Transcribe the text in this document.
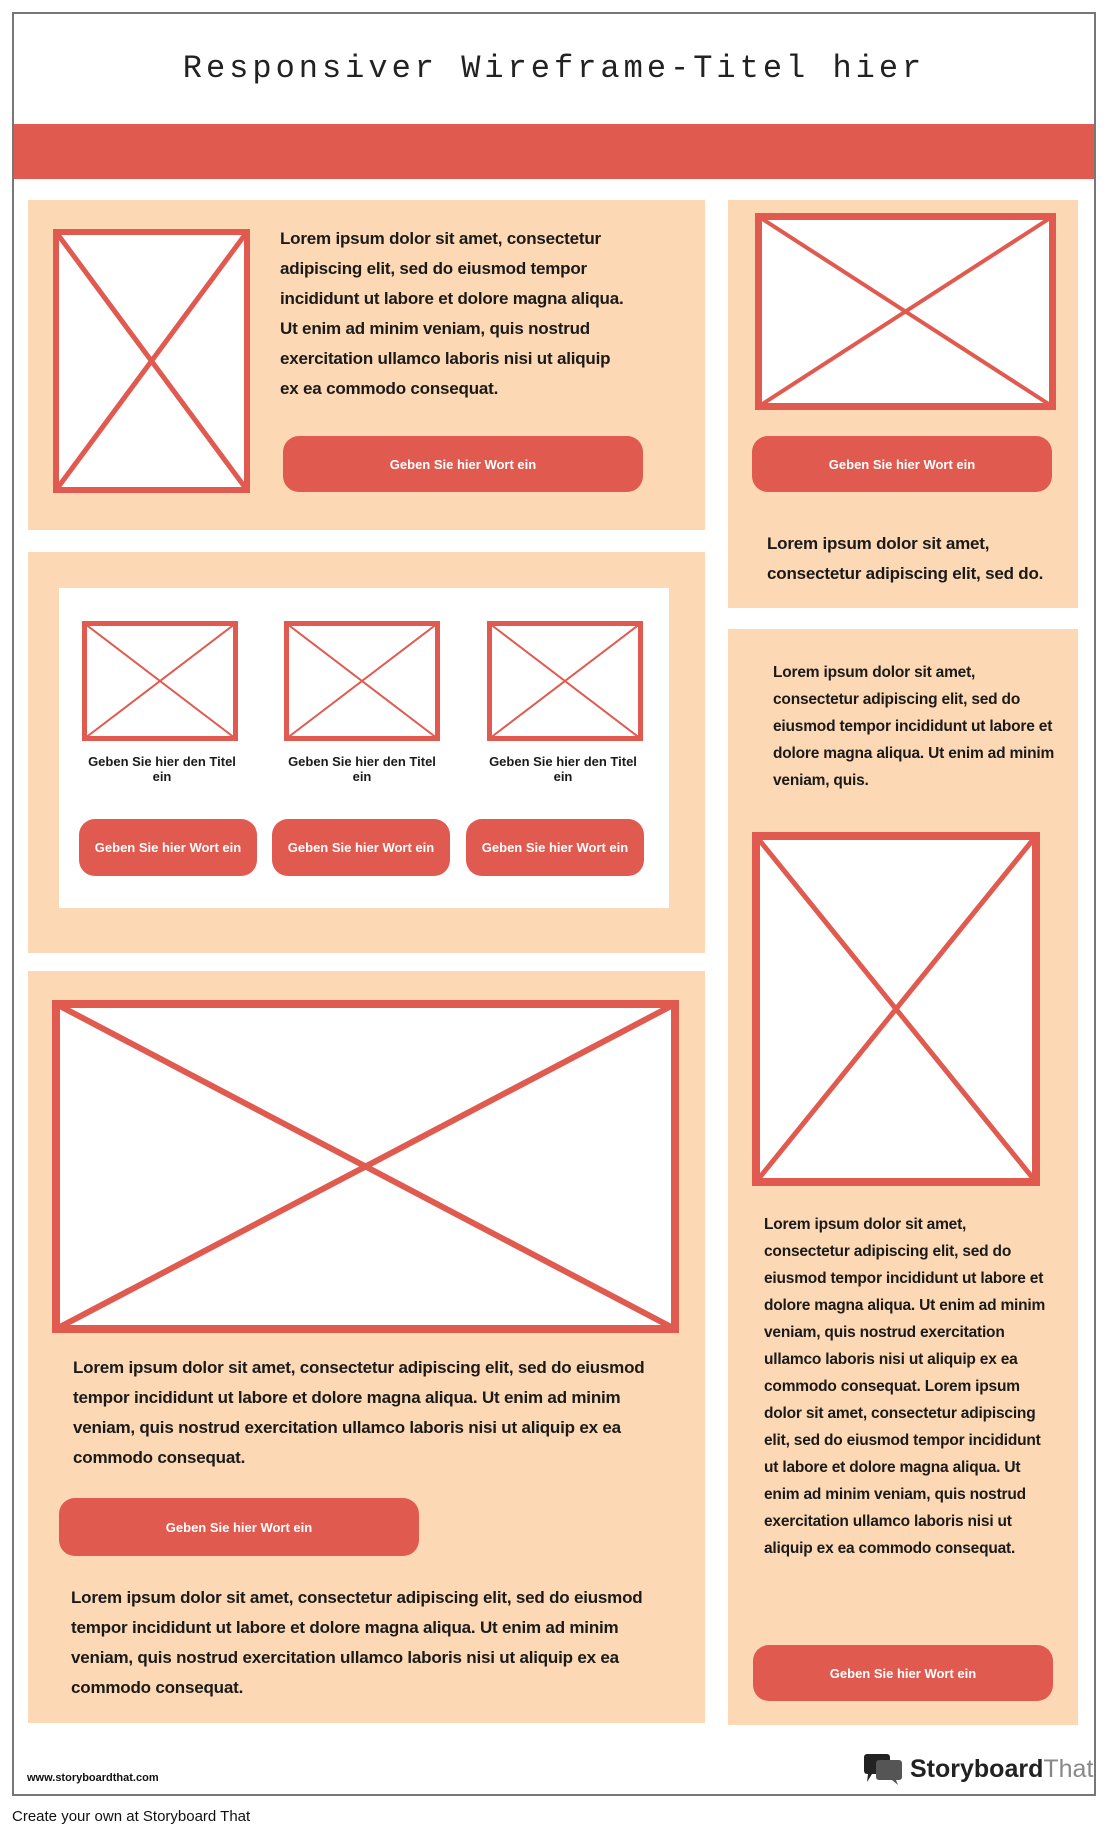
Responsiver Wireframe-Titel hier
Lorem ipsum dolor sit amet, consectetur adipiscing elit, sed do eiusmod tempor incididunt ut labore et dolore magna aliqua. Ut enim ad minim veniam, quis nostrud exercitation ullamco laboris nisi ut aliquip ex ea commodo consequat.
Geben Sie hier Wort ein
Geben Sie hier den Titel ein
Geben Sie hier Wort ein
Geben Sie hier den Titel ein
Geben Sie hier Wort ein
Geben Sie hier den Titel ein
Geben Sie hier Wort ein
Lorem ipsum dolor sit amet, consectetur adipiscing elit, sed do eiusmod tempor incididunt ut labore et dolore magna aliqua. Ut enim ad minim veniam, quis nostrud exercitation ullamco laboris nisi ut aliquip ex ea commodo consequat.
Geben Sie hier Wort ein
Lorem ipsum dolor sit amet, consectetur adipiscing elit, sed do eiusmod tempor incididunt ut labore et dolore magna aliqua. Ut enim ad minim veniam, quis nostrud exercitation ullamco laboris nisi ut aliquip ex ea commodo consequat.
Geben Sie hier Wort ein
Lorem ipsum dolor sit amet, consectetur adipiscing elit, sed do.
Lorem ipsum dolor sit amet, consectetur adipiscing elit, sed do eiusmod tempor incididunt ut labore et dolore magna aliqua. Ut enim ad minim veniam, quis.
Lorem ipsum dolor sit amet, consectetur adipiscing elit, sed do eiusmod tempor incididunt ut labore et dolore magna aliqua. Ut enim ad minim veniam, quis nostrud exercitation ullamco laboris nisi ut aliquip ex ea commodo consequat. Lorem ipsum dolor sit amet, consectetur adipiscing elit, sed do eiusmod tempor incididunt ut labore et dolore magna aliqua. Ut enim ad minim veniam, quis nostrud exercitation ullamco laboris nisi ut aliquip ex ea commodo consequat.
Geben Sie hier Wort ein
www.storyboardthat.com	StoryboardThat
Create your own at Storyboard That
